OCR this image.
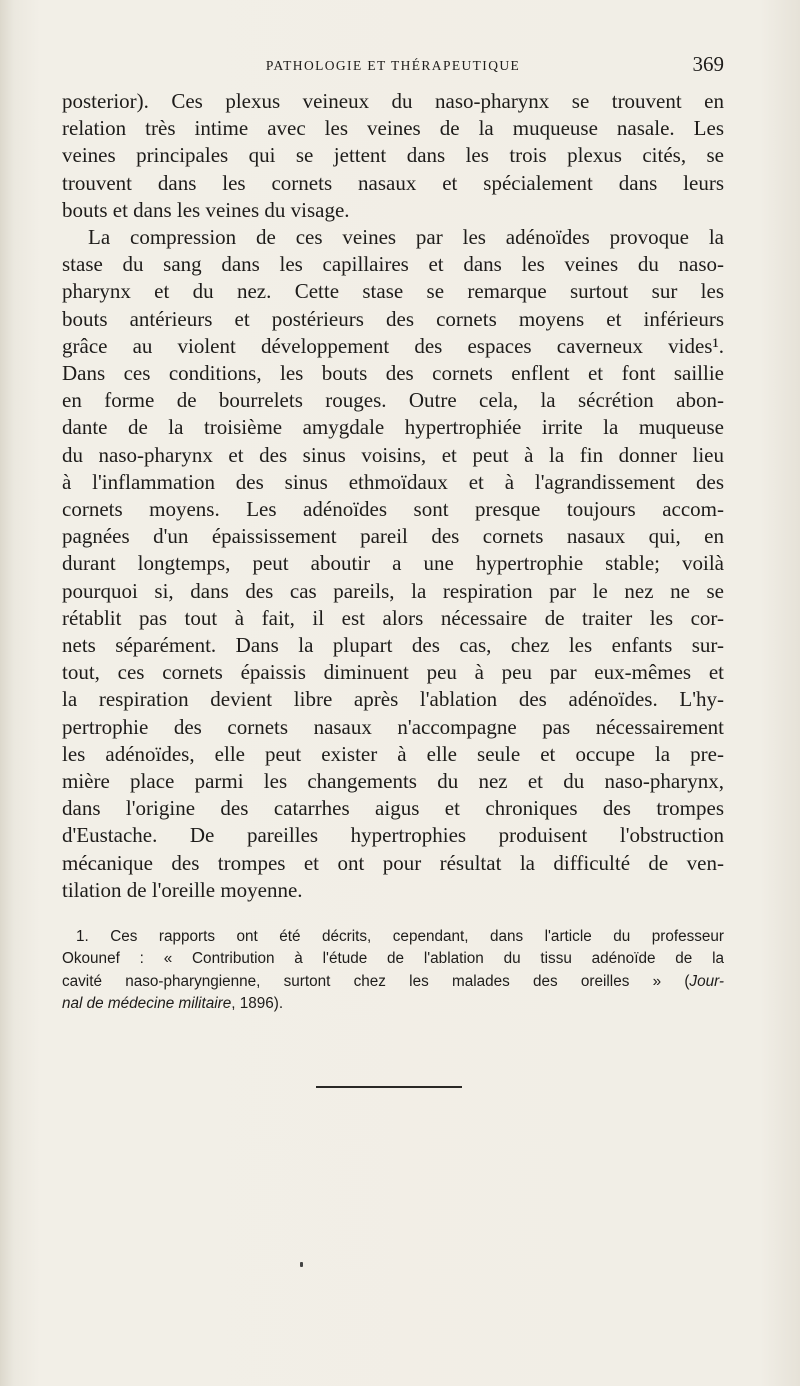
PATHOLOGIE ET THÉRAPEUTIQUE	369
posterior). Ces plexus veineux du naso-pharynx se trouvent en
relation très intime avec les veines de la muqueuse nasale. Les
veines principales qui se jettent dans les trois plexus cités, se
trouvent dans les cornets nasaux et spécialement dans leurs
bouts et dans les veines du visage.
La compression de ces veines par les adénoïdes provoque la
stase du sang dans les capillaires et dans les veines du naso-
pharynx et du nez. Cette stase se remarque surtout sur les
bouts antérieurs et postérieurs des cornets moyens et inférieurs
grâce au violent développement des espaces caverneux vides¹.
Dans ces conditions, les bouts des cornets enflent et font saillie
en forme de bourrelets rouges. Outre cela, la sécrétion abon-
dante de la troisième amygdale hypertrophiée irrite la muqueuse
du naso-pharynx et des sinus voisins, et peut à la fin donner lieu
à l'inflammation des sinus ethmoïdaux et à l'agrandissement des
cornets moyens. Les adénoïdes sont presque toujours accom-
pagnées d'un épaississement pareil des cornets nasaux qui, en
durant longtemps, peut aboutir a une hypertrophie stable; voilà
pourquoi si, dans des cas pareils, la respiration par le nez ne se
rétablit pas tout à fait, il est alors nécessaire de traiter les cor-
nets séparément. Dans la plupart des cas, chez les enfants sur-
tout, ces cornets épaissis diminuent peu à peu par eux-mêmes et
la respiration devient libre après l'ablation des adénoïdes. L'hy-
pertrophie des cornets nasaux n'accompagne pas nécessairement
les adénoïdes, elle peut exister à elle seule et occupe la pre-
mière place parmi les changements du nez et du naso-pharynx,
dans l'origine des catarrhes aigus et chroniques des trompes
d'Eustache. De pareilles hypertrophies produisent l'obstruction
mécanique des trompes et ont pour résultat la difficulté de ven-
tilation de l'oreille moyenne.
1. Ces rapports ont été décrits, cependant, dans l'article du professeur
Okounef : « Contribution à l'étude de l'ablation du tissu adénoïde de la
cavité naso-pharyngienne, surtont chez les malades des oreilles » (Jour-
nal de médecine militaire, 1896).
